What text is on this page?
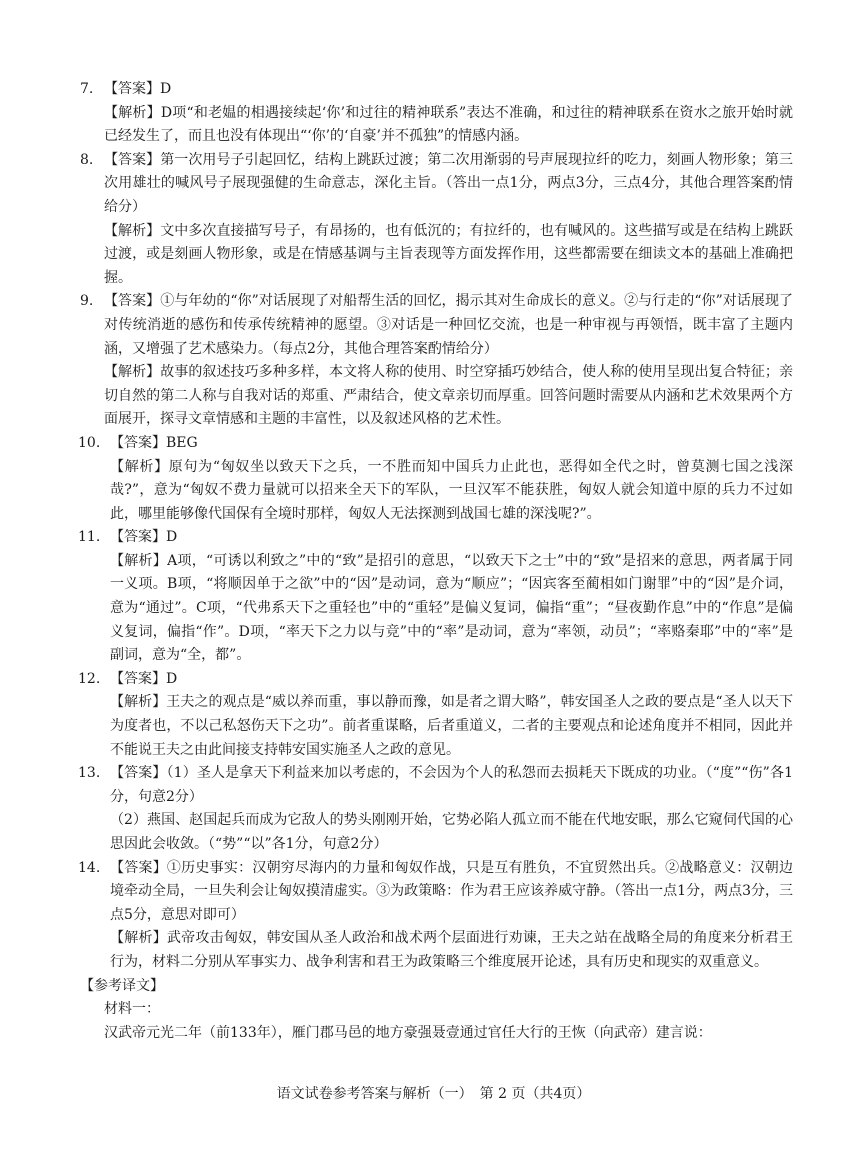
7. 【答案】D

【解析】D项“和老媪的相遇接续起‘你’和过往的精神联系”表达不准确，和过往的精神联系在资水之旅开始时就已经发生了，而且也没有体现出“‘你’的‘自豪’并不孤独”的情感内涵。

8. 【答案】第一次用号子引起回忆，结构上跳跃过渡；第二次用渐弱的号声展现拉纤的吃力，刻画人物形象；第三次用雄壮的喊风号子展现强健的生命意志，深化主旨。（答出一点1分，两点3分，三点4分，其他合理答案酌情给分）

【解析】文中多次直接描写号子，有昂扬的，也有低沉的；有拉纤的，也有喊风的。这些描写或是在结构上跳跃过渡，或是刻画人物形象，或是在情感基调与主旨表现等方面发挥作用，这些都需要在细读文本的基础上准确把握。

9. 【答案】①与年幼的“你”对话展现了对船帮生活的回忆，揭示其对生命成长的意义。②与行走的“你”对话展现了对传统消逝的感伤和传承传统精神的愿望。③对话是一种回忆交流，也是一种审视与再领悟，既丰富了主题内涵，又增强了艺术感染力。（每点2分，其他合理答案酌情给分）

【解析】故事的叙述技巧多种多样，本文将人称的使用、时空穿插巧妙结合，使人称的使用呈现出复合特征；亲切自然的第二人称与自我对话的郑重、严肃结合，使文章亲切而厚重。回答问题时需要从内涵和艺术效果两个方面展开，探寻文章情感和主题的丰富性，以及叙述风格的艺术性。

10. 【答案】BEG

【解析】原句为“匈奴坐以致天下之兵，一不胜而知中国兵力止此也，恶得如全代之时，曾莫测七国之浅深哉?”，意为“匈奴不费力量就可以招来全天下的军队，一旦汉军不能获胜，匈奴人就会知道中原的兵力不过如此，哪里能够像代国保有全境时那样，匈奴人无法探测到战国七雄的深浅呢?”。

11. 【答案】D

【解析】A项，“可诱以利致之”中的“致”是招引的意思，“以致天下之士”中的“致”是招来的意思，两者属于同一义项。B项，“将顺因单于之欲”中的“因”是动词，意为“顺应”；“因宾客至蔺相如门谢罪”中的“因”是介词，意为“通过”。C项，“代弗系天下之重轻也”中的“重轻”是偏义复词，偏指“重”；“昼夜勤作息”中的“作息”是偏义复词，偏指“作”。D项，“率天下之力以与竞”中的“率”是动词，意为“率领，动员”；“率赂秦耶”中的“率”是副词，意为“全，都”。

12. 【答案】D

【解析】王夫之的观点是“威以养而重，事以静而豫，如是者之谓大略”，韩安国圣人之政的要点是“圣人以天下为度者也，不以己私怒伤天下之功”。前者重谋略，后者重道义，二者的主要观点和论述角度并不相同，因此并不能说王夫之由此间接支持韩安国实施圣人之政的意见。

13. 【答案】（1）圣人是拿天下利益来加以考虑的，不会因为个人的私怨而去损耗天下既成的功业。（“度”“伤”各1分，句意2分）

（2）燕国、赵国起兵而成为它敌人的势头刚刚开始，它势必陷人孤立而不能在代地安眠，那么它窥伺代国的心思因此会收敛。（“势”“以”各1分，句意2分）

14. 【答案】①历史事实：汉朝穷尽海内的力量和匈奴作战，只是互有胜负，不宜贸然出兵。②战略意义：汉朝边境牵动全局，一旦失利会让匈奴摸清虚实。③为政策略：作为君王应该养威守静。（答出一点1分，两点3分，三点5分，意思对即可）

【解析】武帝攻击匈奴，韩安国从圣人政治和战术两个层面进行劝谏，王夫之站在战略全局的角度来分析君王行为，材料二分别从军事实力、战争利害和君王为政策略三个维度展开论述，具有历史和现实的双重意义。

【参考译文】

材料一：

汉武帝元光二年（前133年），雁门郡马邑的地方豪强聂壹通过官任大行的王恢（向武帝）建言说：

语文试卷参考答案与解析（一）　第 2 页（共4页）
